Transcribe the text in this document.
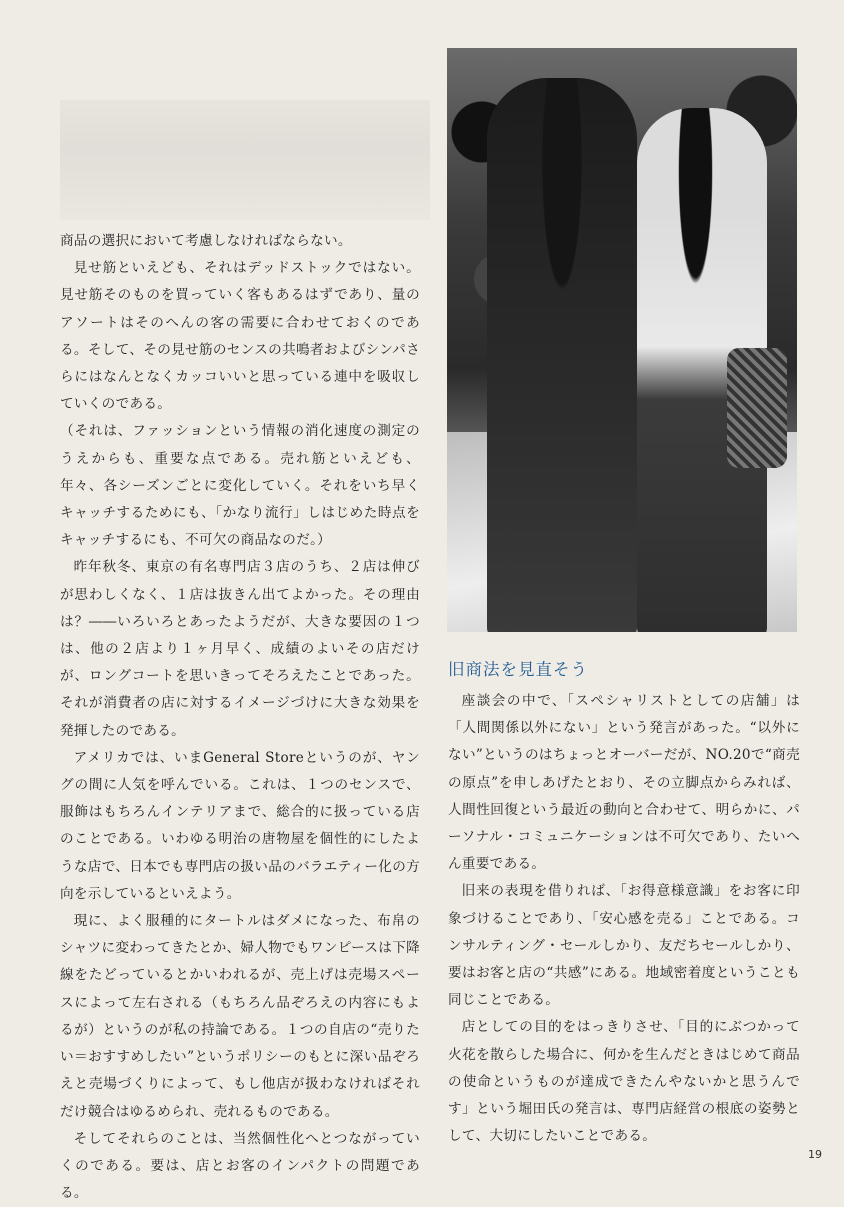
商品の選択において考慮しなければならない。

見せ筋といえども、それはデッドストックではない。見せ筋そのものを買っていく客もあるはずであり、量のアソートはそのへんの客の需要に合わせておくのである。そして、その見せ筋のセンスの共鳴者およびシンパさらにはなんとなくカッコいいと思っている連中を吸収していくのである。

（それは、ファッションという情報の消化速度の測定のうえからも、重要な点である。売れ筋といえども、年々、各シーズンごとに変化していく。それをいち早くキャッチするためにも、「かなり流行」しはじめた時点をキャッチするにも、不可欠の商品なのだ。）

昨年秋冬、東京の有名専門店３店のうち、２店は伸びが思わしくなく、１店は抜きん出てよかった。その理由は？――いろいろとあったようだが、大きな要因の１つは、他の２店より１ヶ月早く、成績のよいその店だけが、ロングコートを思いきってそろえたことであった。それが消費者の店に対するイメージづけに大きな効果を発揮したのである。

アメリカでは、いまGeneral Storeというのが、ヤングの間に人気を呼んでいる。これは、１つのセンスで、服飾はもちろんインテリアまで、総合的に扱っている店のことである。いわゆる明治の唐物屋を個性的にしたような店で、日本でも専門店の扱い品のバラエティー化の方向を示しているといえよう。

現に、よく服種的にタートルはダメになった、布帛のシャツに変わってきたとか、婦人物でもワンピースは下降線をたどっているとかいわれるが、売上げは売場スペースによって左右される（もちろん品ぞろえの内容にもよるが）というのが私の持論である。１つの自店の“売りたい＝おすすめしたい”というポリシーのもとに深い品ぞろえと売場づくりによって、もし他店が扱わなければそれだけ競合はゆるめられ、売れるものである。

そしてそれらのことは、当然個性化へとつながっていくのである。要は、店とお客のインパクトの問題である。

旧商法を見直そう

座談会の中で、「スペシャリストとしての店舗」は「人間関係以外にない」という発言があった。“以外にない”というのはちょっとオーバーだが、NO.20で“商売の原点”を申しあげたとおり、その立脚点からみれば、人間性回復という最近の動向と合わせて、明らかに、パーソナル・コミュニケーションは不可欠であり、たいへん重要である。

旧来の表現を借りれば、「お得意様意識」をお客に印象づけることであり、「安心感を売る」ことである。コンサルティング・セールしかり、友だちセールしかり、要はお客と店の“共感”にある。地域密着度ということも同じことである。

店としての目的をはっきりさせ、「目的にぶつかって火花を散らした場合に、何かを生んだときはじめて商品の使命というものが達成できたんやないかと思うんです」という堀田氏の発言は、専門店経営の根底の姿勢として、大切にしたいことである。

19
